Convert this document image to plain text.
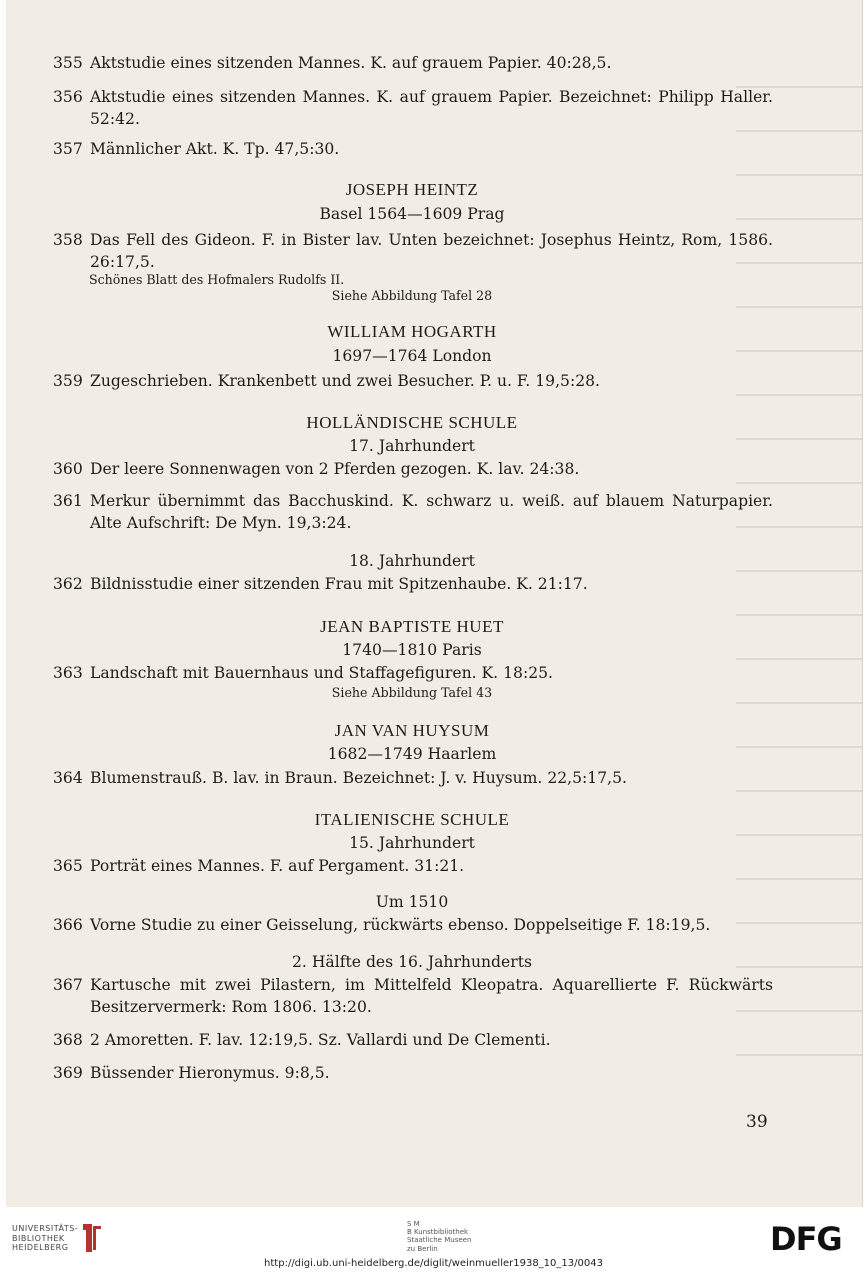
355 Aktstudie eines sitzenden Mannes. K. auf grauem Papier. 40:28,5.
356 Aktstudie eines sitzenden Mannes. K. auf grauem Papier. Bezeichnet: Philipp Haller. 52:42.
357 Männlicher Akt. K. Tp. 47,5:30.
JOSEPH HEINTZ
Basel 1564—1609 Prag
358 Das Fell des Gideon. F. in Bister lav. Unten bezeichnet: Josephus Heintz, Rom, 1586. 26:17,5.
Schönes Blatt des Hofmalers Rudolfs II.
Siehe Abbildung Tafel 28
WILLIAM HOGARTH
1697—1764 London
359 Zugeschrieben. Krankenbett und zwei Besucher. P. u. F. 19,5:28.
HOLLÄNDISCHE SCHULE
17. Jahrhundert
360 Der leere Sonnenwagen von 2 Pferden gezogen. K. lav. 24:38.
361 Merkur übernimmt das Bacchuskind. K. schwarz u. weiß. auf blauem Naturpapier. Alte Aufschrift: De Myn. 19,3:24.
18. Jahrhundert
362 Bildnisstudie einer sitzenden Frau mit Spitzenhaube. K. 21:17.
JEAN BAPTISTE HUET
1740—1810 Paris
363 Landschaft mit Bauernhaus und Staffagefiguren. K. 18:25.
Siehe Abbildung Tafel 43
JAN VAN HUYSUM
1682—1749 Haarlem
364 Blumenstrauß. B. lav. in Braun. Bezeichnet: J. v. Huysum. 22,5:17,5.
ITALIENISCHE SCHULE
15. Jahrhundert
365 Porträt eines Mannes. F. auf Pergament. 31:21.
Um 1510
366 Vorne Studie zu einer Geisselung, rückwärts ebenso. Doppelseitige F. 18:19,5.
2. Hälfte des 16. Jahrhunderts
367 Kartusche mit zwei Pilastern, im Mittelfeld Kleopatra. Aquarellierte F. Rückwärts Besitzervermerk: Rom 1806. 13:20.
368 2 Amoretten. F. lav. 12:19,5. Sz. Vallardi und De Clementi.
369 Büssender Hieronymus. 9:8,5.
39
UNIVERSITÄTS-
BIBLIOTHEK
HEIDELBERG
S M
B Kunstbibliothek
Staatliche Museen
zu Berlin	DFG
http://digi.ub.uni-heidelberg.de/diglit/weinmueller1938_10_13/0043
